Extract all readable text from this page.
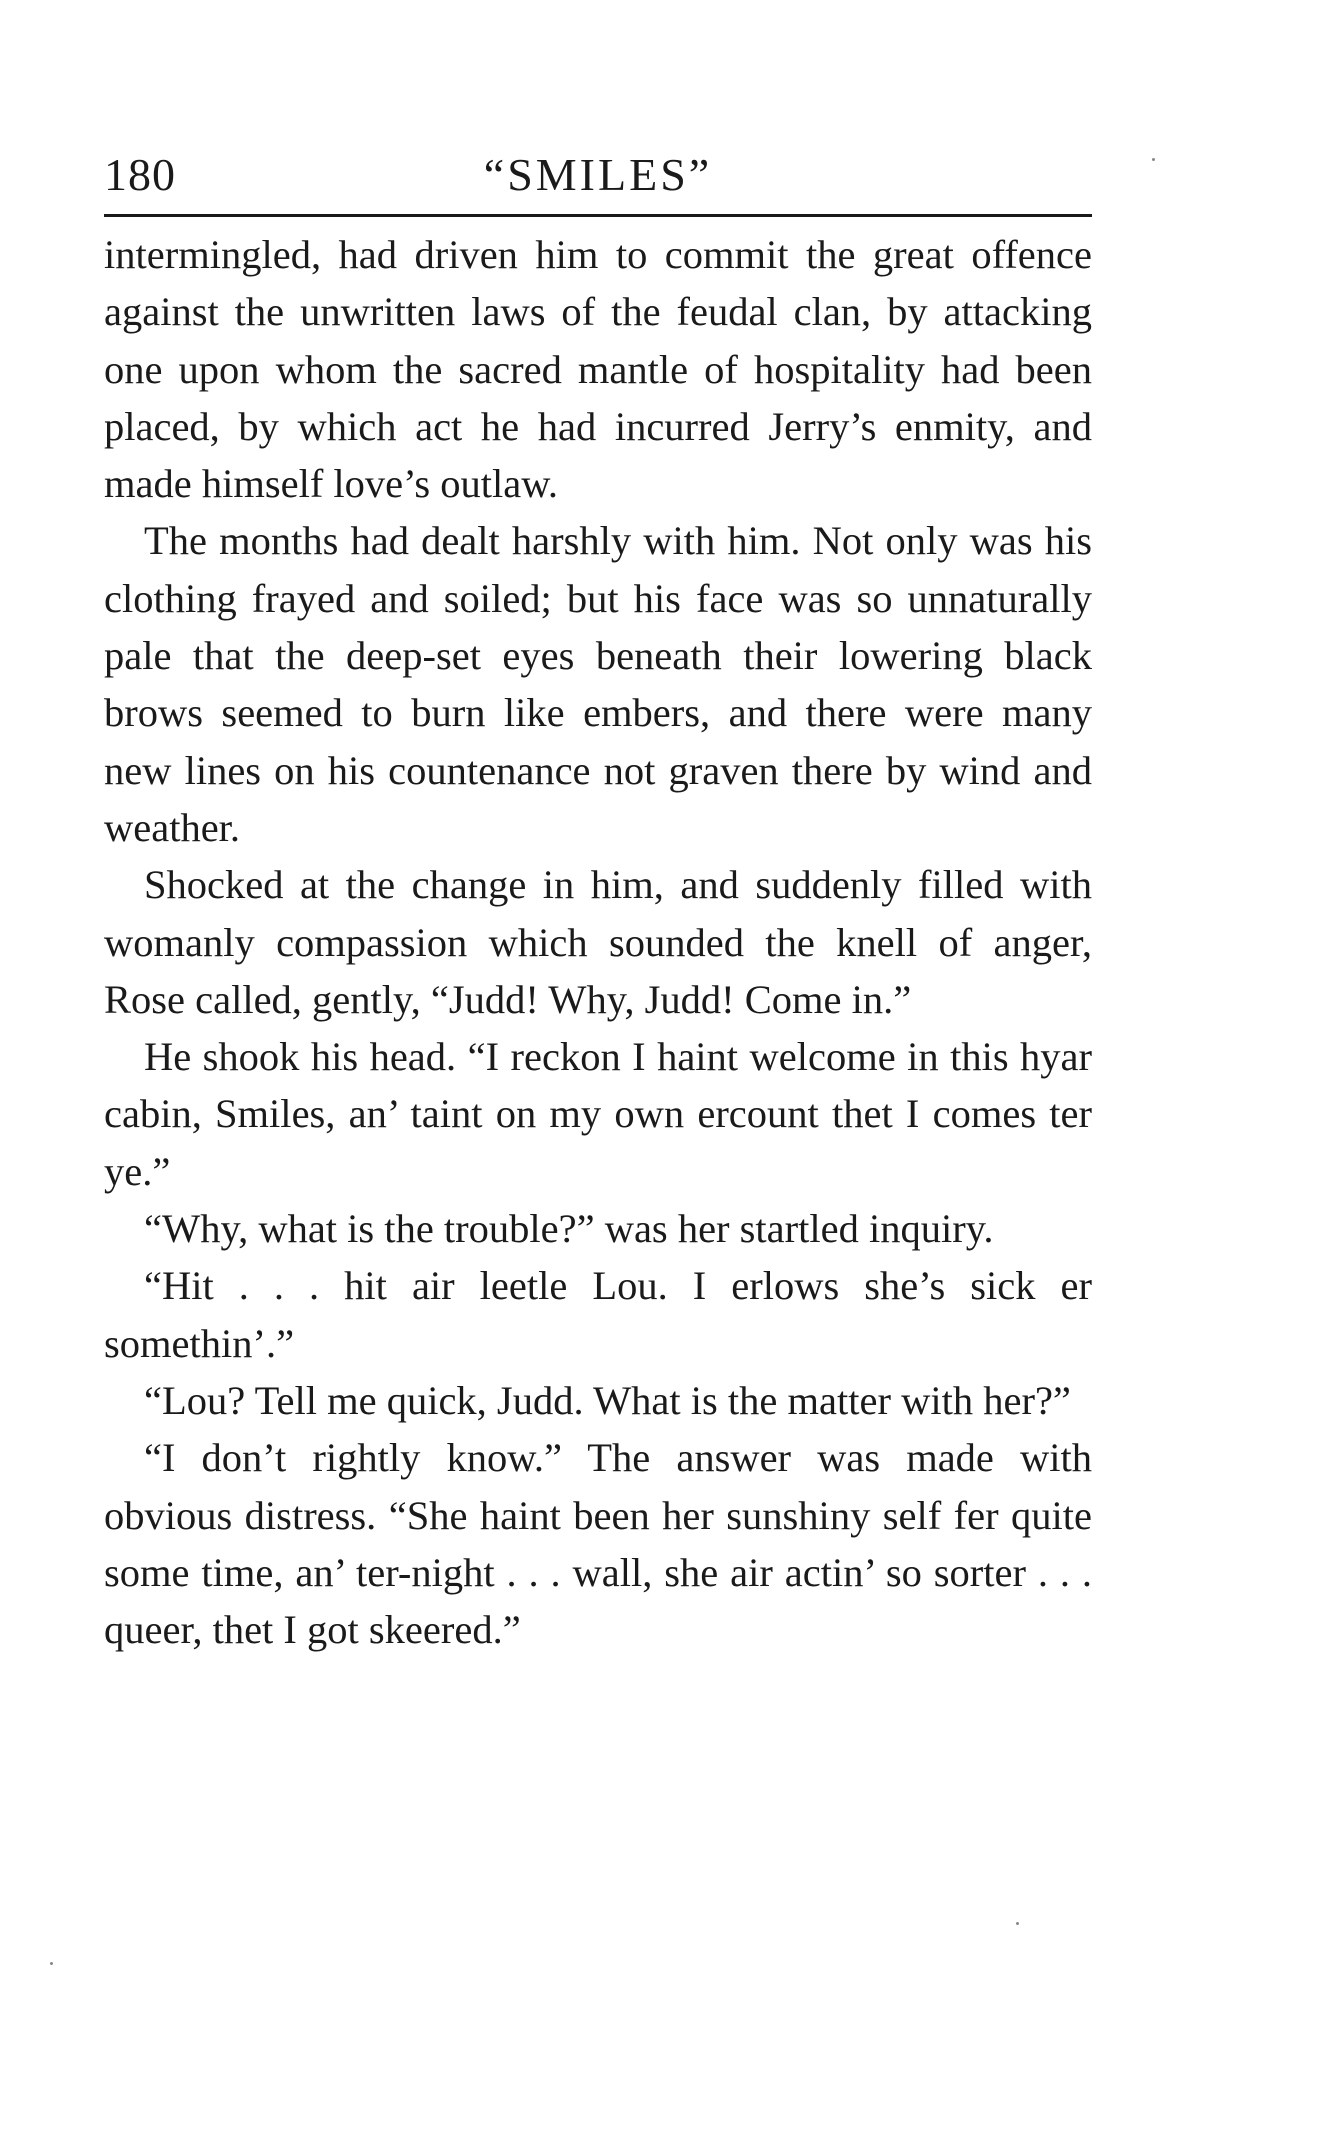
180	“SMILES”

intermingled, had driven him to commit the great offence against the unwritten laws of the feudal clan, by attacking one upon whom the sacred mantle of hospitality had been placed, by which act he had incurred Jerry’s enmity, and made himself love’s outlaw.

The months had dealt harshly with him. Not only was his clothing frayed and soiled; but his face was so unnaturally pale that the deep-set eyes beneath their lowering black brows seemed to burn like embers, and there were many new lines on his countenance not graven there by wind and weather.

Shocked at the change in him, and suddenly filled with womanly compassion which sounded the knell of anger, Rose called, gently, “Judd! Why, Judd! Come in.”

He shook his head. “I reckon I haint welcome in this hyar cabin, Smiles, an’ taint on my own ercount thet I comes ter ye.”

“Why, what is the trouble?” was her startled inquiry.

“Hit . . . hit air leetle Lou. I erlows she’s sick er somethin’.”

“Lou? Tell me quick, Judd. What is the matter with her?”

“I don’t rightly know.” The answer was made with obvious distress. “She haint been her sunshiny self fer quite some time, an’ ter-night . . . wall, she air actin’ so sorter . . . queer, thet I got skeered.”
